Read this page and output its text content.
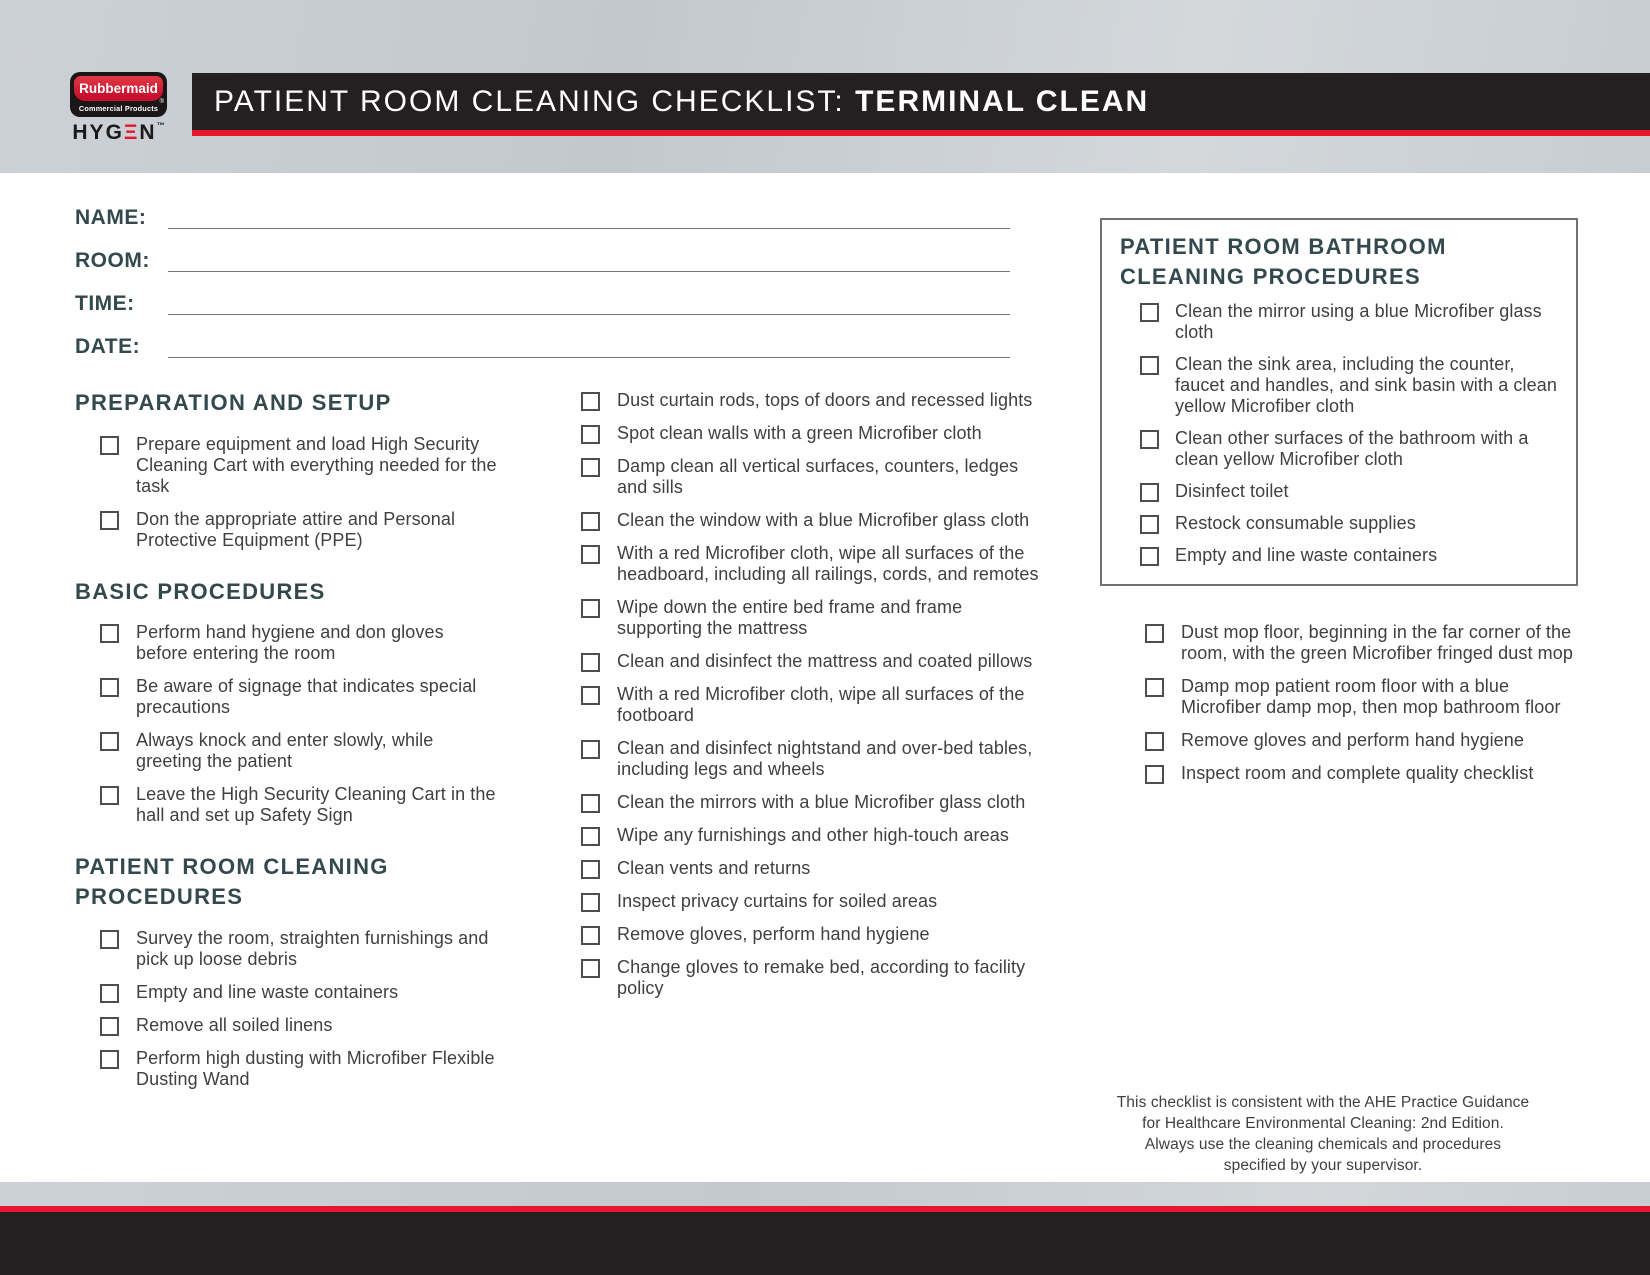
Rubbermaid
®
Commercial Products
HYGΞN™
PATIENT ROOM CLEANING CHECKLIST: TERMINAL CLEAN
NAME:
ROOM:
TIME:
DATE:
PREPARATION AND SETUP
Prepare equipment and load High Security Cleaning Cart with everything needed for the task
Don the appropriate attire and Personal Protective Equipment (PPE)
BASIC PROCEDURES
Perform hand hygiene and don gloves before entering the room
Be aware of signage that indicates special precautions
Always knock and enter slowly, while greeting the patient
Leave the High Security Cleaning Cart in the hall and set up Safety Sign
PATIENT ROOM CLEANING PROCEDURES
Survey the room, straighten furnishings and pick up loose debris
Empty and line waste containers
Remove all soiled linens
Perform high dusting with Microfiber Flexible Dusting Wand
Dust curtain rods, tops of doors and recessed lights
Spot clean walls with a green Microfiber cloth
Damp clean all vertical surfaces, counters, ledges and sills
Clean the window with a blue Microfiber glass cloth
With a red Microfiber cloth, wipe all surfaces of the headboard, including all railings, cords, and remotes
Wipe down the entire bed frame and frame supporting the mattress
Clean and disinfect the mattress and coated pillows
With a red Microfiber cloth, wipe all surfaces of the footboard
Clean and disinfect nightstand and over-bed tables, including legs and wheels
Clean the mirrors with a blue Microfiber glass cloth
Wipe any furnishings and other high-touch areas
Clean vents and returns
Inspect privacy curtains for soiled areas
Remove gloves, perform hand hygiene
Change gloves to remake bed, according to facility policy
PATIENT ROOM BATHROOM CLEANING PROCEDURES
Clean the mirror using a blue Microfiber glass cloth
Clean the sink area, including the counter, faucet and handles, and sink basin with a clean yellow Microfiber cloth
Clean other surfaces of the bathroom with a clean yellow Microfiber cloth
Disinfect toilet
Restock consumable supplies
Empty and line waste containers
Dust mop floor, beginning in the far corner of the room, with the green Microfiber fringed dust mop
Damp mop patient room floor with a blue Microfiber damp mop, then mop bathroom floor
Remove gloves and perform hand hygiene
Inspect room and complete quality checklist
This checklist is consistent with the AHE Practice Guidance
for Healthcare Environmental Cleaning: 2nd Edition.
Always use the cleaning chemicals and procedures
specified by your supervisor.
